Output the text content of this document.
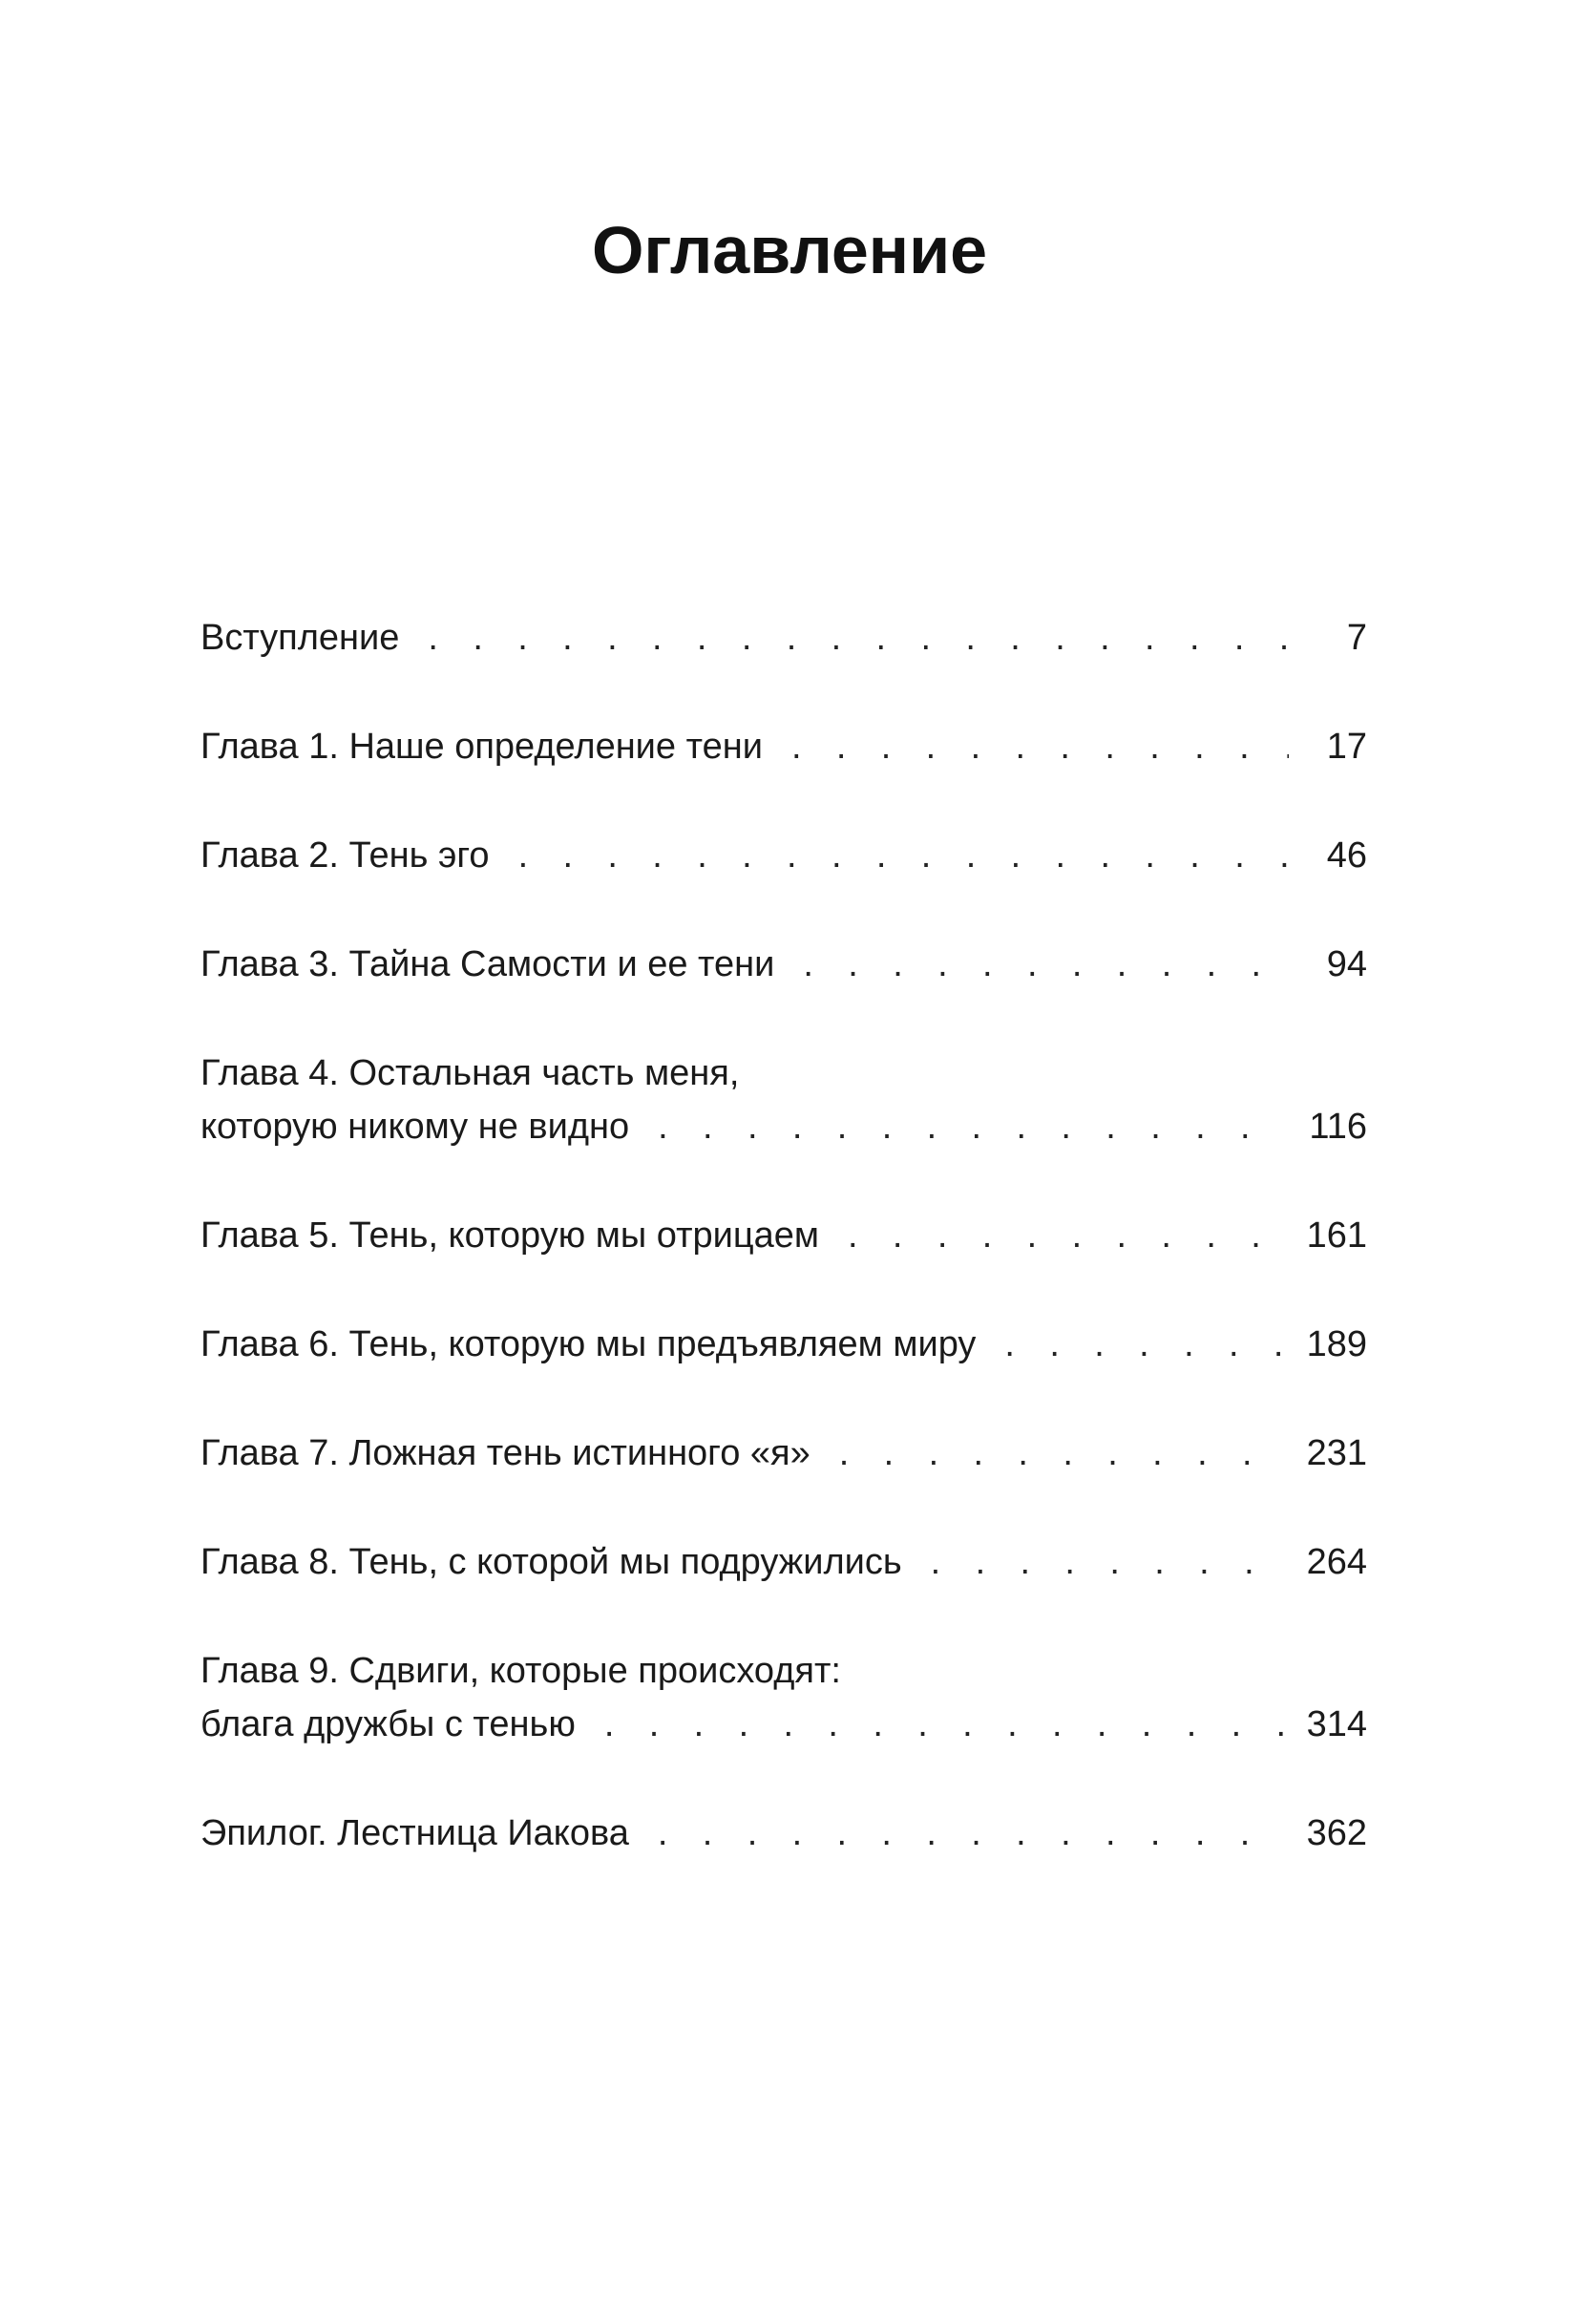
Оглавление
Вступление . . .	7
Глава 1. Наше определение тени . . .	17
Глава 2. Тень эго . . .	46
Глава 3. Тайна Самости и ее тени . . .	94
Глава 4. Остальная часть меня,
которую никому не видно . . .	116
Глава 5. Тень, которую мы отрицаем . . .	161
Глава 6. Тень, которую мы предъявляем миру . . .	189
Глава 7. Ложная тень истинного «я» . . .	231
Глава 8. Тень, с которой мы подружились . . .	264
Глава 9. Сдвиги, которые происходят:
блага дружбы с тенью . . .	314
Эпилог. Лестница Иакова . . .	362
